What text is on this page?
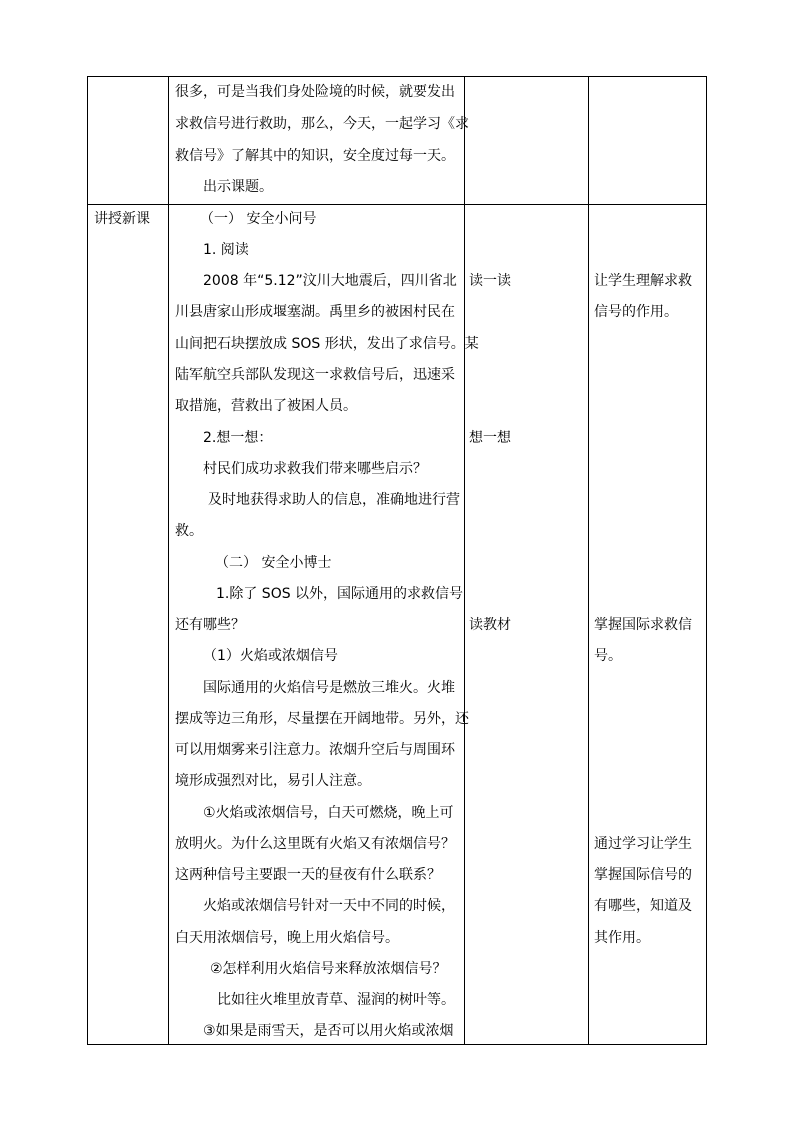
很多，可是当我们身处险境的时候，就要发出
求救信号进行救助，那么，今天，一起学习《求
救信号》了解其中的知识，安全度过每一天。
出示课题。
讲授新课	（一） 安全小问号
1. 阅读
2008 年“5.12”汶川大地震后，四川省北
川县唐家山形成堰塞湖。禹里乡的被困村民在
山间把石块摆放成 SOS 形状，发出了求信号。某
陆军航空兵部队发现这一求救信号后，迅速采
取措施，营救出了被困人员。
2.想一想：
村民们成功求救我们带来哪些启示？
及时地获得求助人的信息，准确地进行营
救。
（二） 安全小博士
1.除了 SOS 以外，国际通用的求救信号
还有哪些？
（1）火焰或浓烟信号
国际通用的火焰信号是燃放三堆火。火堆
摆成等边三角形，尽量摆在开阔地带。另外，还
可以用烟雾来引注意力。浓烟升空后与周围环
境形成强烈对比，易引人注意。
①火焰或浓烟信号，白天可燃烧，晚上可
放明火。为什么这里既有火焰又有浓烟信号？
这两种信号主要跟一天的昼夜有什么联系？
火焰或浓烟信号针对一天中不同的时候，
白天用浓烟信号，晚上用火焰信号。
②怎样利用火焰信号来释放浓烟信号？
比如往火堆里放青草、湿润的树叶等。
③如果是雨雪天，是否可以用火焰或浓烟
读一读
想一想
读教材
让学生理解求救
信号的作用。
掌握国际求救信
号。
通过学习让学生
掌握国际信号的
有哪些，知道及
其作用。
